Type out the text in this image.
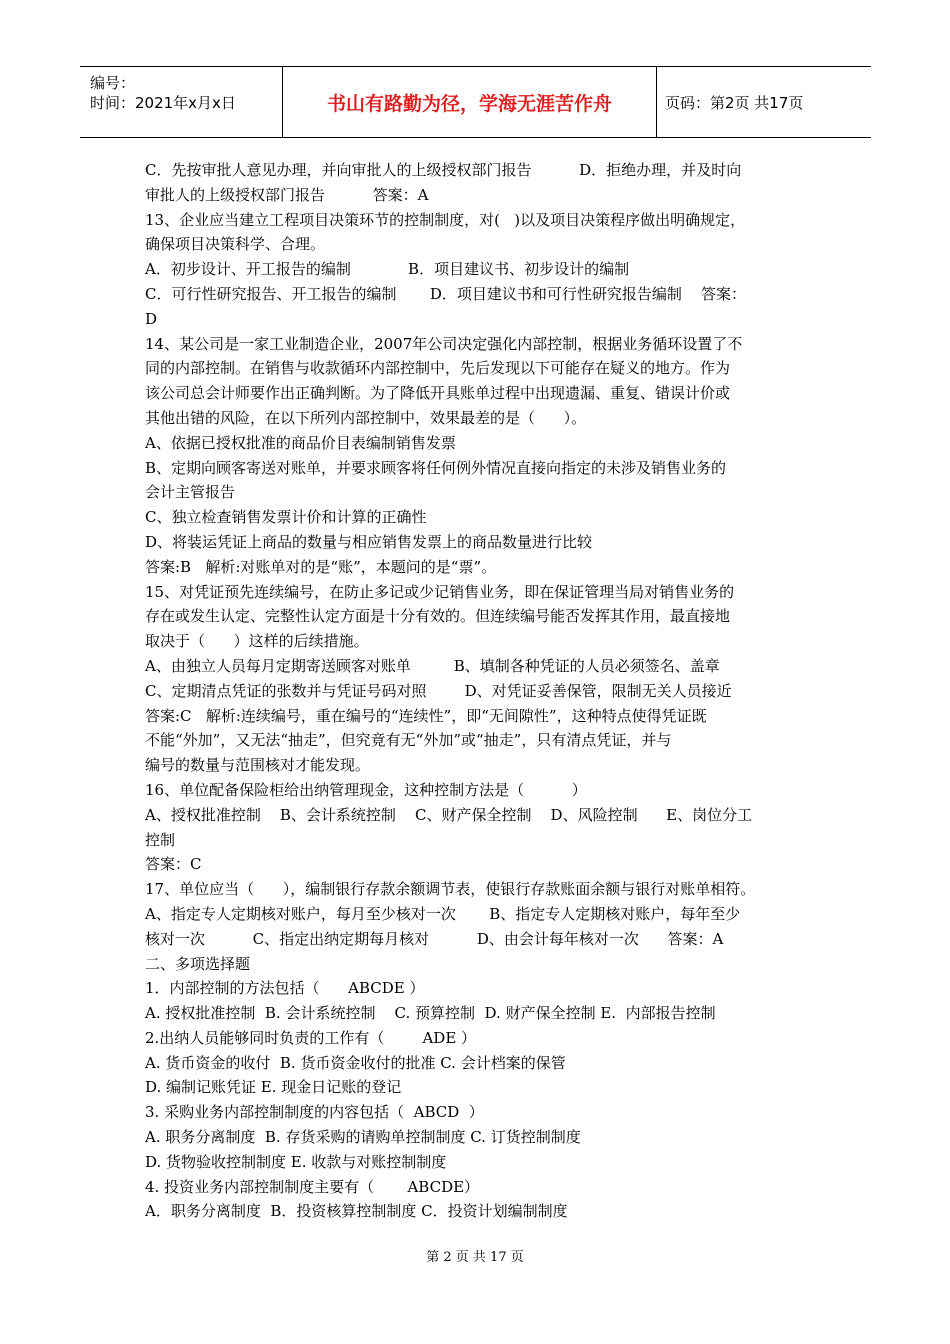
编号：
时间：2021年x月x日	书山有路勤为径，学海无涯苦作舟	页码：第2页 共17页
C．先按审批人意见办理，并向审批人的上级授权部门报告          D．拒绝办理，并及时向
审批人的上级授权部门报告          答案：A
13、企业应当建立工程项目决策环节的控制制度，对(   )以及项目决策程序做出明确规定，
确保项目决策科学、合理。
A．初步设计、开工报告的编制            B．项目建议书、初步设计的编制
C．可行性研究报告、开工报告的编制       D．项目建议书和可行性研究报告编制    答案：
D
14、某公司是一家工业制造企业，2007年公司决定强化内部控制，根据业务循环设置了不
同的内部控制。在销售与收款循环内部控制中，先后发现以下可能存在疑义的地方。作为
该公司总会计师要作出正确判断。为了降低开具账单过程中出现遗漏、重复、错误计价或
其他出错的风险，在以下所列内部控制中，效果最差的是（      ）。
A、依据已授权批准的商品价目表编制销售发票
B、定期向顾客寄送对账单，并要求顾客将任何例外情况直接向指定的未涉及销售业务的
会计主管报告
C、独立检查销售发票计价和计算的正确性
D、将装运凭证上商品的数量与相应销售发票上的商品数量进行比较
答案:B   解析:对账单对的是“账”，本题问的是“票”。
15、对凭证预先连续编号，在防止多记或少记销售业务，即在保证管理当局对销售业务的
存在或发生认定、完整性认定方面是十分有效的。但连续编号能否发挥其作用，最直接地
取决于（      ）这样的后续措施。
A、由独立人员每月定期寄送顾客对账单         B、填制各种凭证的人员必须签名、盖章
C、定期清点凭证的张数并与凭证号码对照        D、对凭证妥善保管，限制无关人员接近
答案:C   解析:连续编号，重在编号的“连续性”，即“无间隙性”，这种特点使得凭证既
不能“外加”，又无法“抽走”，但究竟有无“外加”或“抽走”，只有清点凭证，并与
编号的数量与范围核对才能发现。
16、单位配备保险柜给出纳管理现金，这种控制方法是（          ）
A、授权批准控制    B、会计系统控制    C、财产保全控制    D、风险控制      E、岗位分工
控制
答案：C
17、单位应当（      ），编制银行存款余额调节表，使银行存款账面余额与银行对账单相符。
A、指定专人定期核对账户，每月至少核对一次       B、指定专人定期核对账户，每年至少
核对一次          C、指定出纳定期每月核对          D、由会计每年核对一次      答案：A
二、多项选择题
1．内部控制的方法包括（      ABCDE ）
A. 授权批准控制  B. 会计系统控制    C. 预算控制  D. 财产保全控制 E.  内部报告控制
2.出纳人员能够同时负责的工作有（        ADE ）
A. 货币资金的收付  B. 货币资金收付的批准 C. 会计档案的保管
D. 编制记账凭证 E. 现金日记账的登记
3. 采购业务内部控制制度的内容包括（  ABCD  ）
A. 职务分离制度  B. 存货采购的请购单控制制度 C. 订货控制制度
D. 货物验收控制制度 E. 收款与对账控制制度
4. 投资业务内部控制制度主要有（       ABCDE）
A．职务分离制度  B．投资核算控制制度 C．投资计划编制制度
第 2 页 共 17 页
